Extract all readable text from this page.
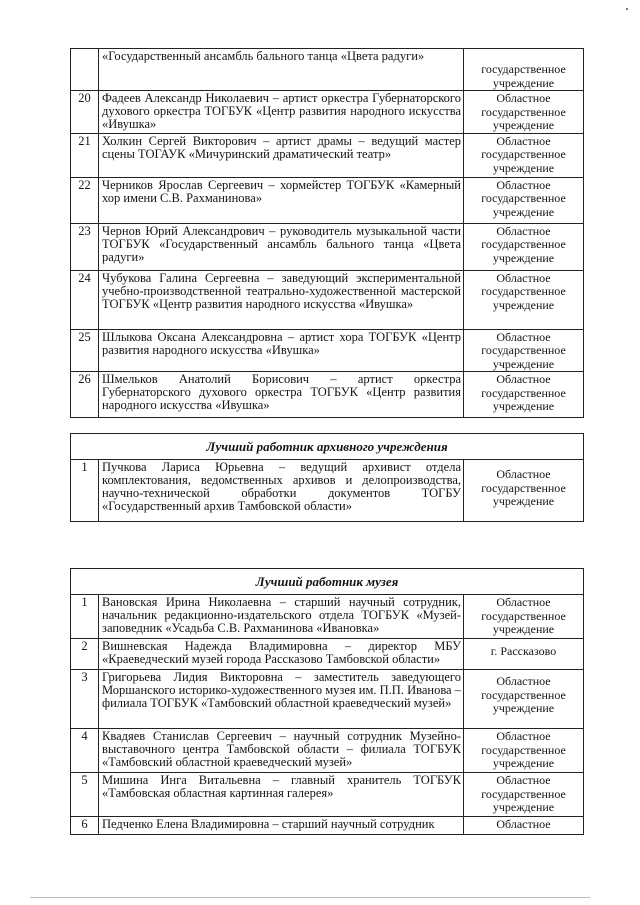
	«Государственный ансамбль бального танца «Цвета радуги»	государственное учреждение
20	Фадеев Александр Николаевич – артист оркестра Губернаторского духового оркестра ТОГБУК «Центр развития народного искусства «Ивушка»	Областное государственное учреждение
21	Холкин Сергей Викторович – артист драмы – ведущий мастер сцены ТОГАУК «Мичуринский драматический театр»	Областное государственное учреждение
22	Черников Ярослав Сергеевич – хормейстер ТОГБУК «Камерный хор имени С.В. Рахманинова»	Областное государственное учреждение
23	Чернов Юрий Александрович – руководитель музыкальной части ТОГБУК «Государственный ансамбль бального танца «Цвета радуги»	Областное государственное учреждение
24	Чубукова Галина Сергеевна – заведующий экспериментальной учебно-производственной театрально-художественной мастерской ТОГБУК «Центр развития народного искусства «Ивушка»	Областное государственное учреждение
25	Шлыкова Оксана Александровна – артист хора ТОГБУК «Центр развития народного искусства «Ивушка»	Областное государственное учреждение
26	Шмельков Анатолий Борисович – артист оркестра Губернаторского духового оркестра ТОГБУК «Центр развития народного искусства «Ивушка»	Областное государственное учреждение
Лучший работник архивного учреждения
1	Пучкова Лариса Юрьевна – ведущий архивист отдела комплектования, ведомственных архивов и делопроизводства, научно-технической обработки документов ТОГБУ «Государственный архив Тамбовской области»	Областное государственное учреждение
Лучший работник музея		
1	Вановская Ирина Николаевна – старший научный сотрудник, начальник редакционно-издательского отдела ТОГБУК «Музей-заповедник «Усадьба С.В. Рахманинова «Ивановка»	Областное государственное учреждение
2	Вишневская Надежда Владимировна – директор МБУ «Краеведческий музей города Рассказово Тамбовской области»	г. Рассказово
3	Григорьева Лидия Викторовна – заместитель заведующего Моршанского историко-художественного музея им. П.П. Иванова – филиала ТОГБУК «Тамбовский областной краеведческий музей»	Областное государственное учреждение
4	Квадяев Станислав Сергеевич – научный сотрудник Музейно-выставочного центра Тамбовской области – филиала ТОГБУК «Тамбовский областной краеведческий музей»	Областное государственное учреждение
5	Мишина Инга Витальевна – главный хранитель ТОГБУК «Тамбовская областная картинная галерея»	Областное государственное учреждение
6	Педченко Елена Владимировна – старший научный сотрудник	Областное
